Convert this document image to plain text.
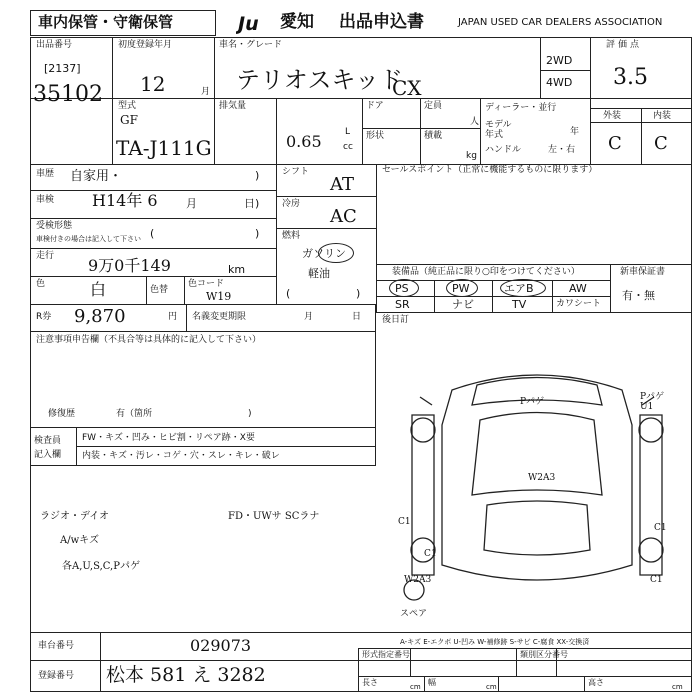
車内保管・守衛保管	Ju 愛知 出品申込書	JAPAN USED CAR DEALERS ASSOCIATION
出品番号
[2137]
35102
初度登録年月
12	月
車名・グレード
テリオスキッド
CX
2WD
4WD
評価点
3.5
型式
GF
TA-J111G
排気量
0.65	L
cc
ドア
形状
定員
人
積載
kg
ディーラー・並行
モデル
年式	年
ハンドル	左・右
外装	内装
C C
車歴 自家用・	)
車検 H14年 6	月	日)
受検形態
車検付きの場合は記入して下さい (	)
走行 9万0千149	km
色	白	色替
色コード
W19
シフト
AT
冷房
AC
燃料
ガソリン
軽油
(	)
セールスポイント（正常に機能するものに限ります）
装備品（純正品に限り○印をつけてください）
PS	PW	エアB	AW
SR	ナビ	TV	カワシート
新車保証書
有・無
R券 9,870	円 名義変更期限	月	日 後日訂
注意事項申告欄（不具合等は具体的に記入して下さい）
修復歴	有（箇所	)
検査員
記入欄
FW・キズ・凹み・ヒビ割・リペア跡・X要
内装・キズ・汚レ・コゲ・穴・スレ・キレ・破レ
ラジオ・デイオ	FD・UWサ SCラナ
A/wキズ
各A,U,S,C,Pパゲ
Pパゲ	Pパゲ
U1
W2A3
C1
C1
C1
C1
W2A3
スペア
A-キズ E-エクボ U-凹み W-補修跡 S-サビ C-腐食 XX-交換済
車台番号	029073
登録番号 松本 581 え 3282
形式指定番号	類別区分番号
長さ	cm 幅	cm	高さ	cm
